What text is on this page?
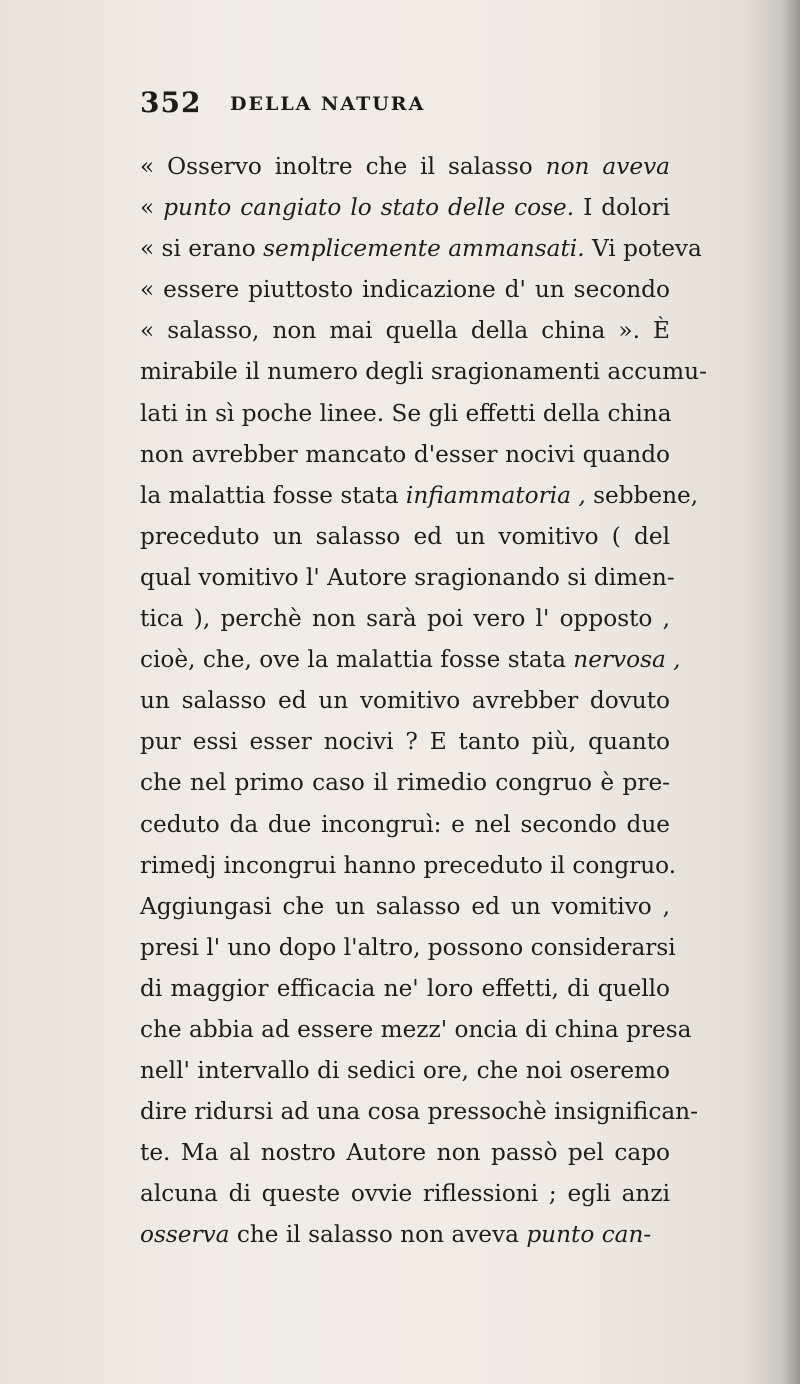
352 DELLA NATURA
« Osservo inoltre che il salasso non aveva
« punto cangiato lo stato delle cose. I dolori
« si erano semplicemente ammansati. Vi poteva
« essere piuttosto indicazione d' un secondo
« salasso, non mai quella della china ». È
mirabile il numero degli sragionamenti accumu-
lati in sì poche linee. Se gli effetti della china
non avrebber mancato d'esser nocivi quando
la malattia fosse stata infiammatoria , sebbene,
preceduto un salasso ed un vomitivo ( del
qual vomitivo l' Autore sragionando si dimen-
tica ), perchè non sarà poi vero l' opposto ,
cioè, che, ove la malattia fosse stata nervosa ,
un salasso ed un vomitivo avrebber dovuto
pur essi esser nocivi ? E tanto più, quanto
che nel primo caso il rimedio congruo è pre-
ceduto da due incongruì: e nel secondo due
rimedj incongrui hanno preceduto il congruo.
Aggiungasi che un salasso ed un vomitivo ,
presi l' uno dopo l'altro, possono considerarsi
di maggior efficacia ne' loro effetti, di quello
che abbia ad essere mezz' oncia di china presa
nell' intervallo di sedici ore, che noi oseremo
dire ridursi ad una cosa pressochè insignifican-
te. Ma al nostro Autore non passò pel capo
alcuna di queste ovvie riflessioni ; egli anzi
osserva che il salasso non aveva punto can-
